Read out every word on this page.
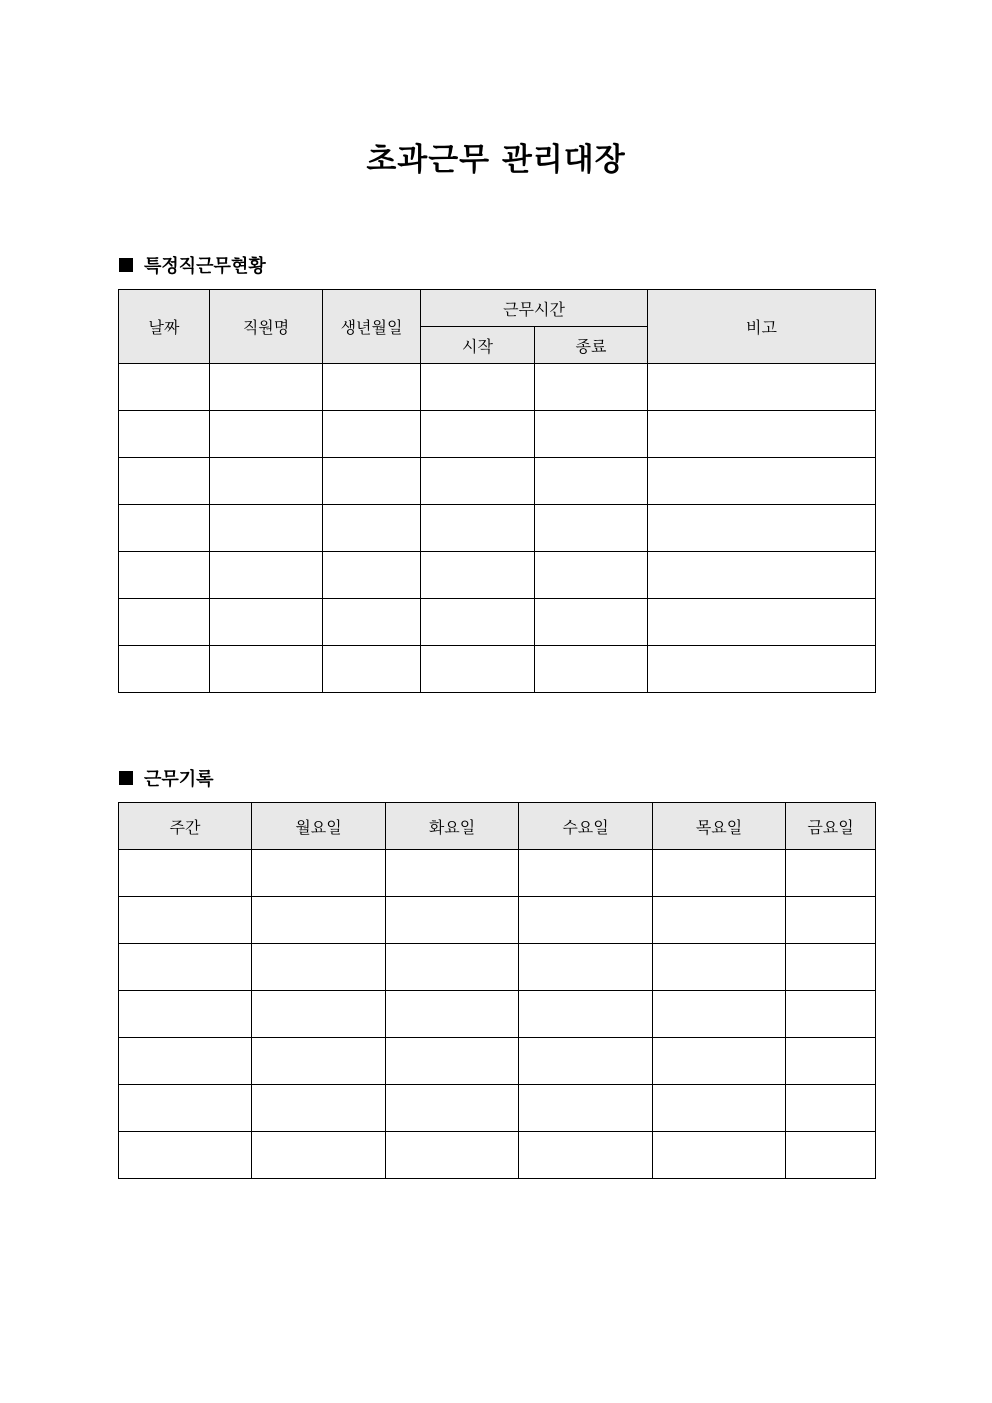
초과근무 관리대장
특정직근무현황
날짜	직원명	생년월일	근무시간		비고
			시작	종료	

근무기록
주간	월요일	화요일	수요일	목요일	금요일
